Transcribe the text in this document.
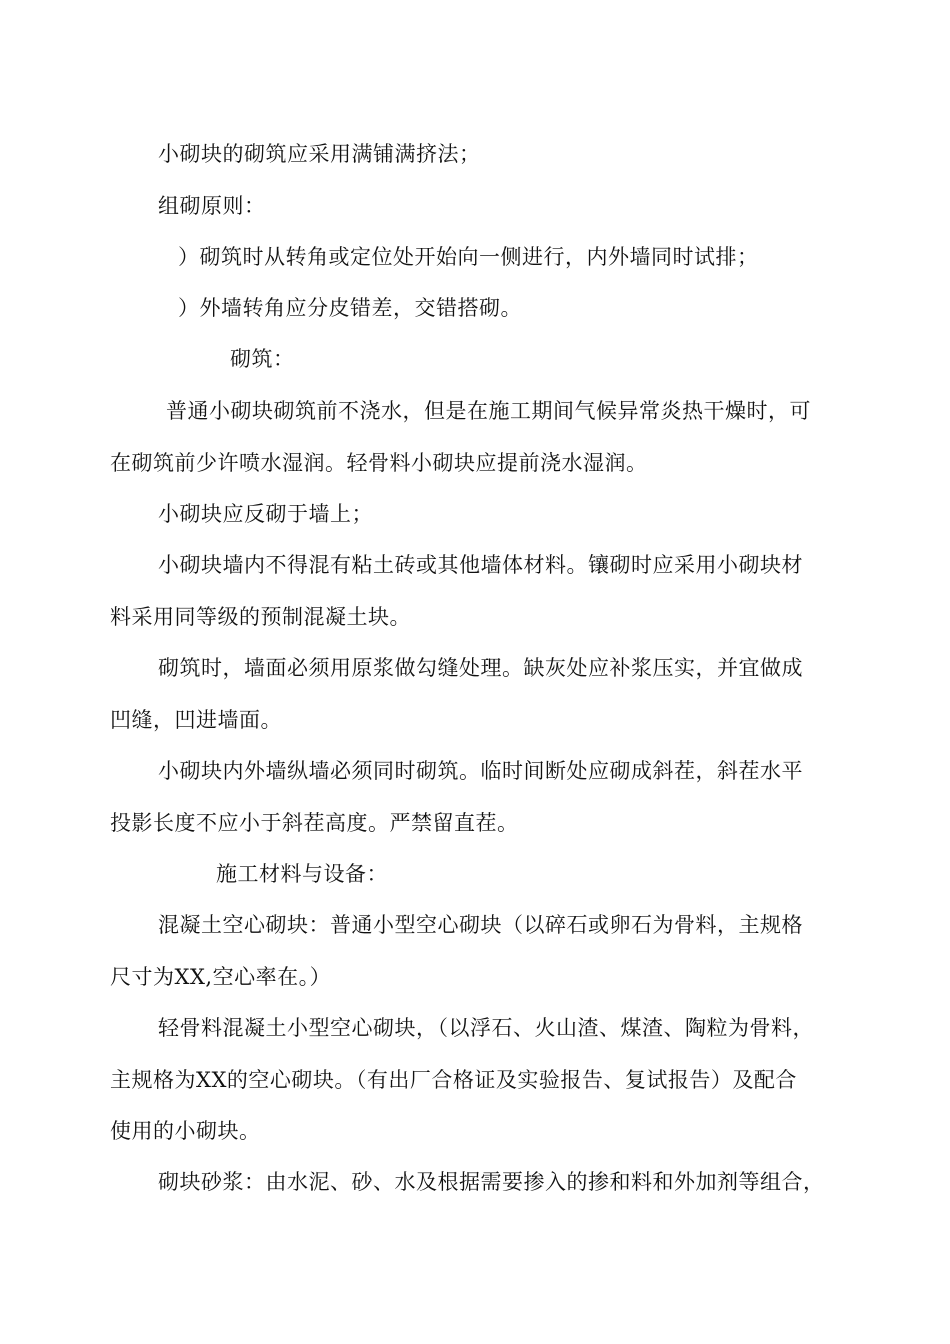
小砌块的砌筑应采用满铺满挤法；
组砌原则：
）砌筑时从转角或定位处开始向一侧进行，内外墙同时试排；
）外墙转角应分皮错差，交错搭砌。
砌筑：
普通小砌块砌筑前不浇水，但是在施工期间气候异常炎热干燥时，可
在砌筑前少许喷水湿润。轻骨料小砌块应提前浇水湿润。
小砌块应反砌于墙上；
小砌块墙内不得混有粘土砖或其他墙体材料。镶砌时应采用小砌块材
料采用同等级的预制混凝土块。
砌筑时，墙面必须用原浆做勾缝处理。缺灰处应补浆压实，并宜做成
凹缝，凹进墙面。
小砌块内外墙纵墙必须同时砌筑。临时间断处应砌成斜茬，斜茬水平
投影长度不应小于斜茬高度。严禁留直茬。
施工材料与设备：
混凝土空心砌块：普通小型空心砌块（以碎石或卵石为骨料，主规格
尺寸为XX,空心率在。）
轻骨料混凝土小型空心砌块，（以浮石、火山渣、煤渣、陶粒为骨料，
主规格为XX的空心砌块。（有出厂合格证及实验报告、复试报告）及配合
使用的小砌块。
砌块砂浆：由水泥、砂、水及根据需要掺入的掺和料和外加剂等组合，
